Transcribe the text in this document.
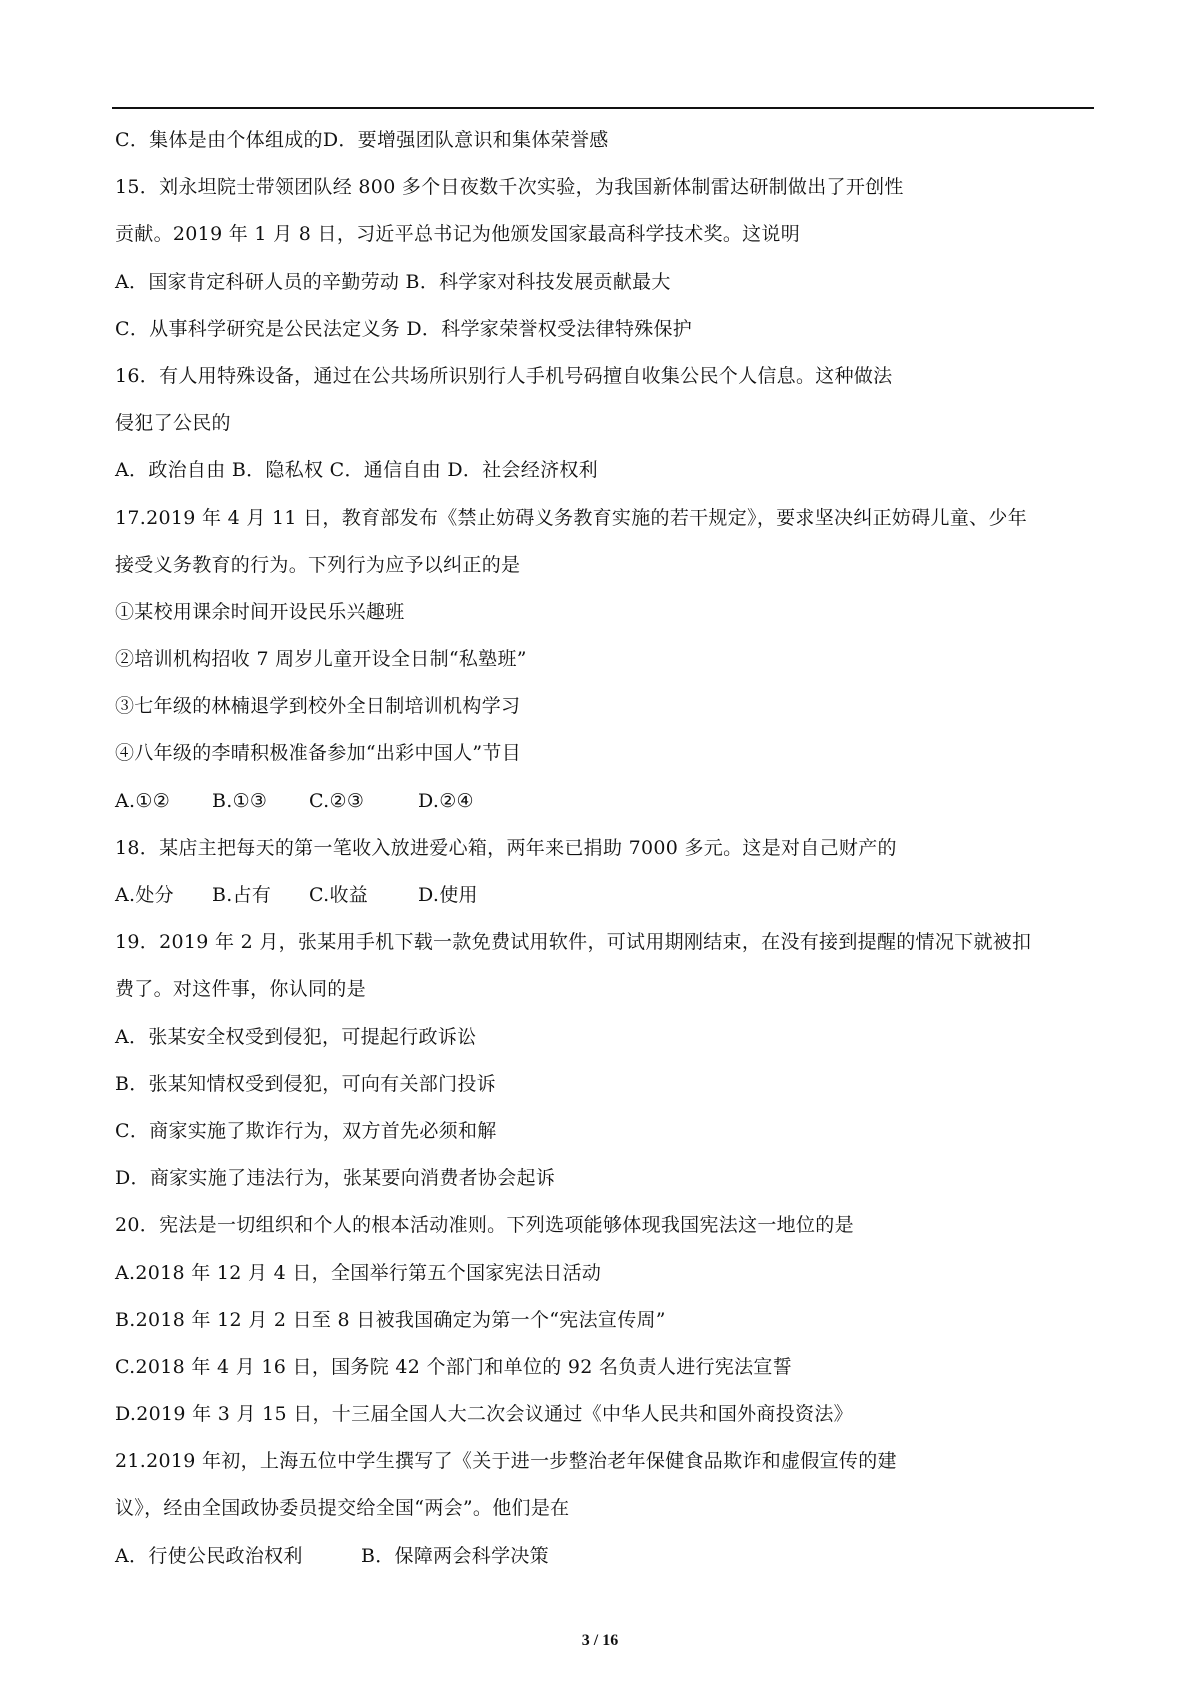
C．集体是由个体组成的D．要增强团队意识和集体荣誉感
15．刘永坦院士带领团队经 800 多个日夜数千次实验，为我国新体制雷达研制做出了开创性
贡献。2019 年 1 月 8 日，习近平总书记为他颁发国家最高科学技术奖。这说明
A．国家肯定科研人员的辛勤劳动 B．科学家对科技发展贡献最大
C．从事科学研究是公民法定义务 D．科学家荣誉权受法律特殊保护
16．有人用特殊设备，通过在公共场所识别行人手机号码擅自收集公民个人信息。这种做法
侵犯了公民的
A．政治自由 B．隐私权 C．通信自由 D．社会经济权利
17.2019 年 4 月 11 日，教育部发布《禁止妨碍义务教育实施的若干规定》，要求坚决纠正妨碍儿童、少年
接受义务教育的行为。下列行为应予以纠正的是
①某校用课余时间开设民乐兴趣班
②培训机构招收 7 周岁儿童开设全日制“私塾班”
③七年级的林楠退学到校外全日制培训机构学习
④八年级的李晴积极准备参加“出彩中国人”节目
A.①② B.①③ C.②③	D.②④
18．某店主把每天的第一笔收入放进爱心箱，两年来已捐助 7000 多元。这是对自己财产的
A.处分 B.占有 C.收益	D.使用
19．2019 年 2 月，张某用手机下载一款免费试用软件，可试用期刚结束，在没有接到提醒的情况下就被扣
费了。对这件事，你认同的是
A．张某安全权受到侵犯，可提起行政诉讼
B．张某知情权受到侵犯，可向有关部门投诉
C．商家实施了欺诈行为，双方首先必须和解
D．商家实施了违法行为，张某要向消费者协会起诉
20．宪法是一切组织和个人的根本活动准则。下列选项能够体现我国宪法这一地位的是
A.2018 年 12 月 4 日，全国举行第五个国家宪法日活动
B.2018 年 12 月 2 日至 8 日被我国确定为第一个“宪法宣传周”
C.2018 年 4 月 16 日，国务院 42 个部门和单位的 92 名负责人进行宪法宣誓
D.2019 年 3 月 15 日，十三届全国人大二次会议通过《中华人民共和国外商投资法》
21.2019 年初，上海五位中学生撰写了《关于进一步整治老年保健食品欺诈和虚假宣传的建
议》，经由全国政协委员提交给全国“两会”。他们是在
A．行使公民政治权利	B．保障两会科学决策
3 / 16
